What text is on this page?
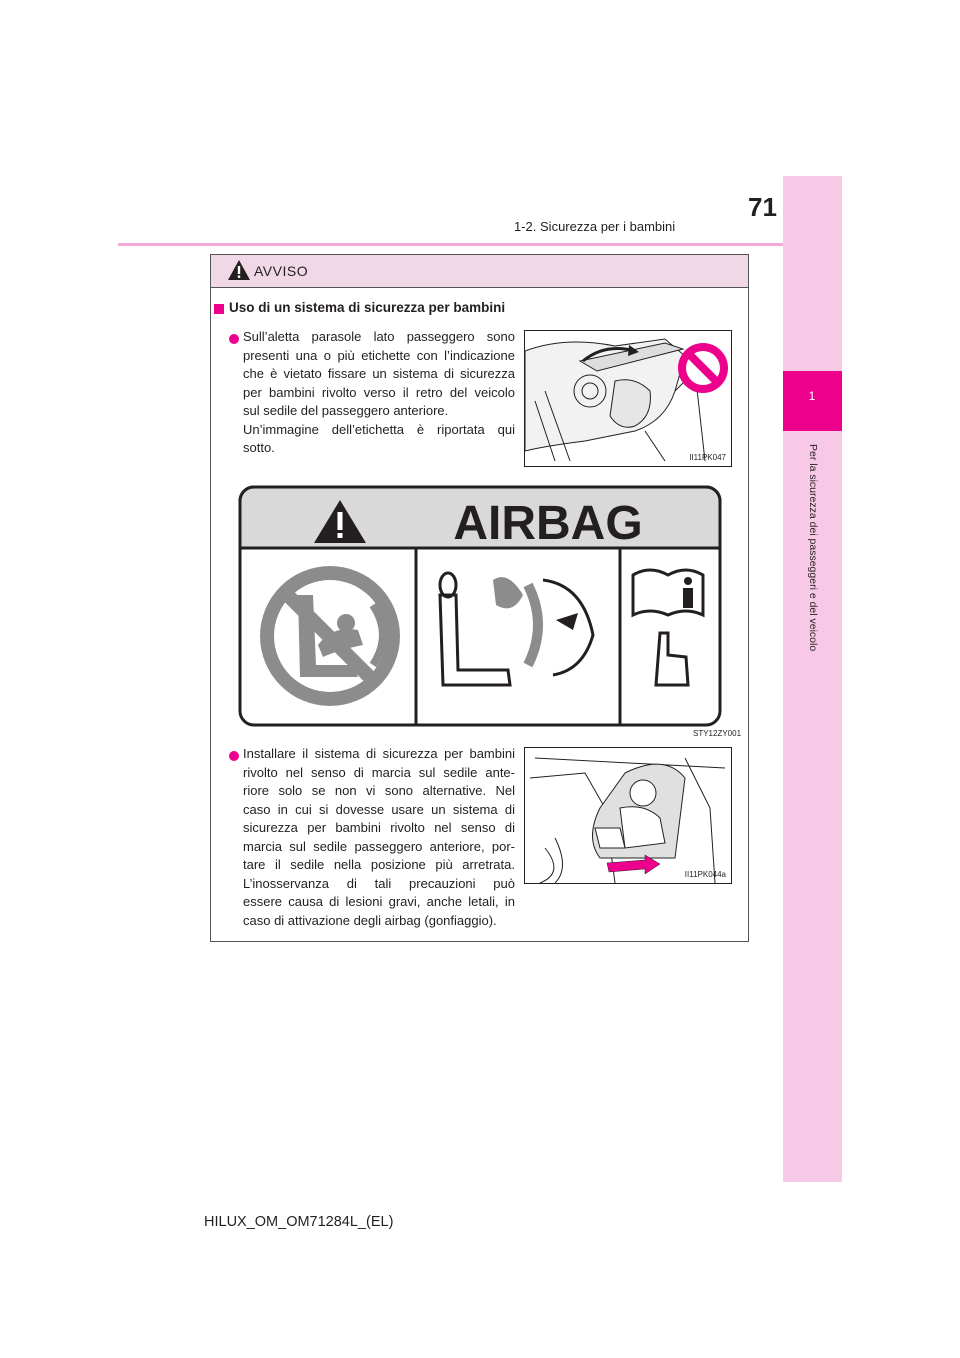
1-2. Sicurezza per i bambini
71
1
Per la sicurezza dei passeggeri e del veicolo
AVVISO
Uso di un sistema di sicurezza per bambini
Sull’aletta parasole lato passeggero sono
presenti una o più etichette con l’indicazione
che è vietato fissare un sistema di sicurezza
per bambini rivolto verso il retro del veicolo
sul sedile del passeggero anteriore.
Un’immagine dell’etichetta è riportata qui
sotto.
II11PK047
STY12ZY001
Installare il sistema di sicurezza per bambini
rivolto nel senso di marcia sul sedile ante-
riore solo se non vi sono alternative. Nel
caso in cui si dovesse usare un sistema di
sicurezza per bambini rivolto nel senso di
marcia sul sedile passeggero anteriore, por-
tare il sedile nella posizione più arretrata.
L’inosservanza di tali precauzioni può
essere causa di lesioni gravi, anche letali, in
caso di attivazione degli airbag (gonfiaggio).
II11PK044a
HILUX_OM_OM71284L_(EL)
AIRBAG
